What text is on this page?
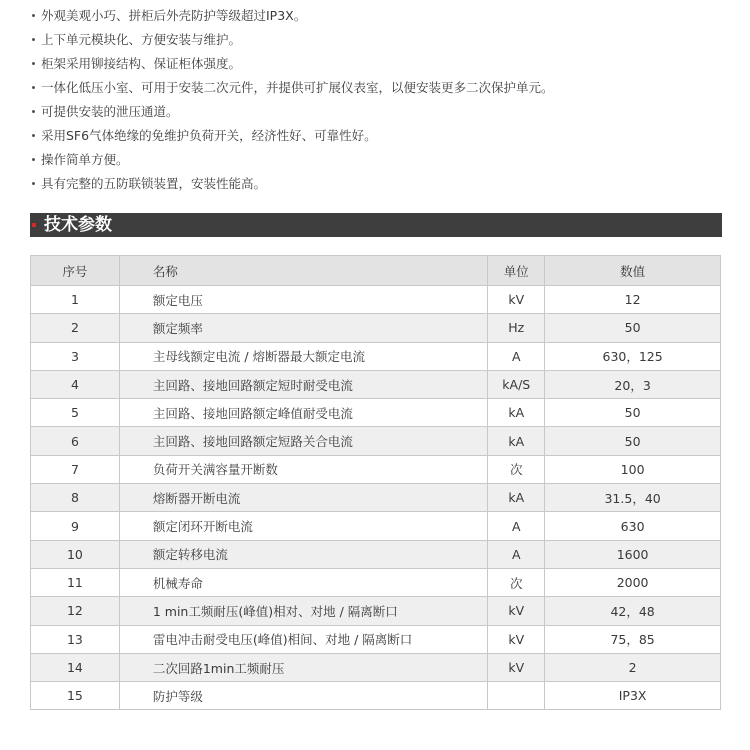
外观美观小巧、拼柜后外壳防护等级超过IP3X。
上下单元模块化、方便安装与维护。
柜架采用铆接结构、保证柜体强度。
一体化低压小室、可用于安装二次元件，并提供可扩展仪表室，以便安装更多二次保护单元。
可提供安装的泄压通道。
采用SF6气体绝缘的免维护负荷开关，经济性好、可靠性好。
操作简单方便。
具有完整的五防联锁装置，安装性能高。
技术参数
序号	名称	单位	数值
1	额定电压	kV	12
2	额定频率	Hz	50
3	主母线额定电流 / 熔断器最大额定电流	A	630，125
4	主回路、接地回路额定短时耐受电流	kA/S	20，3
5	主回路、接地回路额定峰值耐受电流	kA	50
6	主回路、接地回路额定短路关合电流	kA	50
7	负荷开关满容量开断数	次	100
8	熔断器开断电流	kA	31.5，40
9	额定闭环开断电流	A	630
10	额定转移电流	A	1600
11	机械寿命	次	2000
12	1 min工频耐压(峰值)相对、对地 / 隔离断口	kV	42，48
13	雷电冲击耐受电压(峰值)相间、对地 / 隔离断口	kV	75，85
14	二次回路1min工频耐压	kV	2
15	防护等级		IP3X
